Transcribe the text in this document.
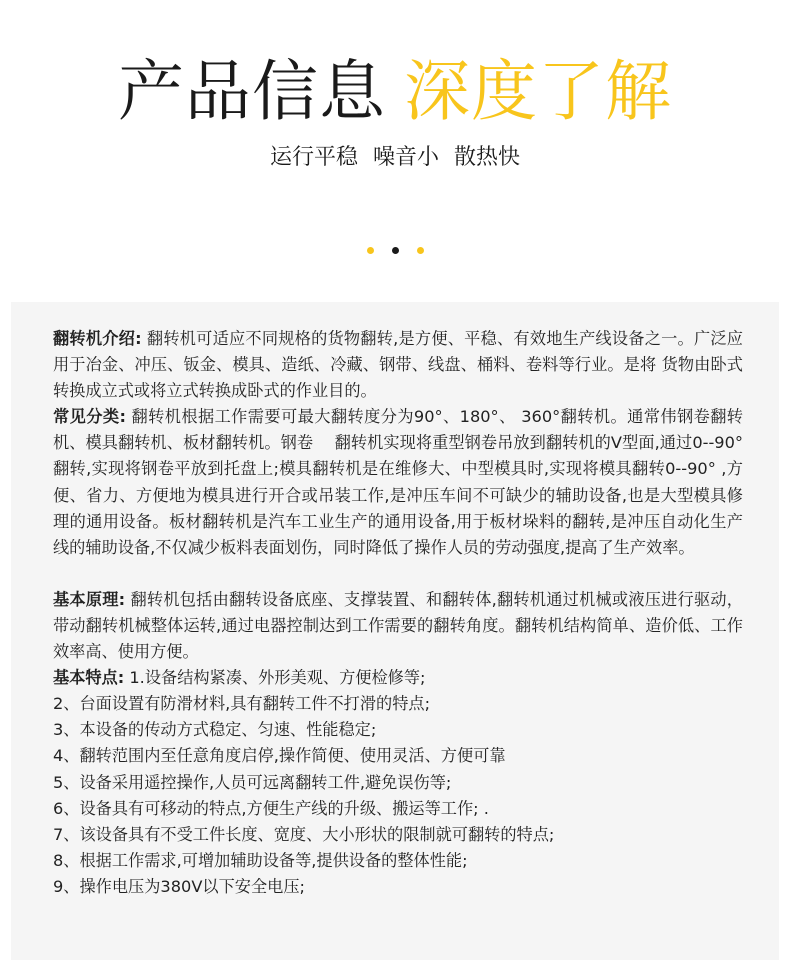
产品信息 深度了解
运行平稳 噪音小 散热快

翻转机介绍: 翻转机可适应不同规格的货物翻转,是方便、平稳、有效地生产线设备之一。广泛应用于冶金、冲压、钣金、模具、造纸、冷藏、钢带、线盘、桶料、卷料等行业。是将 货物由卧式转换成立式或将立式转换成卧式的作业目的。

常见分类: 翻转机根据工作需要可最大翻转度分为90°、180°、 360°翻转机。通常伟钢卷翻转机、模具翻转机、板材翻转机。钢卷　 翻转机实现将重型钢卷吊放到翻转机的V型面,通过0--90°翻转,实现将钢卷平放到托盘上;模具翻转机是在维修大、中型模具时,实现将模具翻转0--90° ,方便、省力、方便地为模具进行开合或吊装工作,是冲压车间不可缺少的辅助设备,也是大型模具修理的通用设备。板材翻转机是汽车工业生产的通用设备,用于板材垛料的翻转,是冲压自动化生产线的辅助设备,不仅减少板料表面划伤，同时降低了操作人员的劳动强度,提高了生产效率。

基本原理: 翻转机包括由翻转设备底座、支撑装置、和翻转体,翻转机通过机械或液压进行驱动，带动翻转机械整体运转,通过电器控制达到工作需要的翻转角度。翻转机结构简单、造价低、工作效率高、使用方便。

基本特点: 1.设备结构紧凑、外形美观、方便检修等;

2、台面设置有防滑材料,具有翻转工件不打滑的特点;
3、本设备的传动方式稳定、匀速、性能稳定;
4、翻转范围内至任意角度启停,操作简便、使用灵活、方便可靠
5、设备采用遥控操作,人员可远离翻转工件,避免误伤等;
6、设备具有可移动的特点,方便生产线的升级、搬运等工作; .
7、该设备具有不受工件长度、宽度、大小形状的限制就可翻转的特点;
8、根据工作需求,可增加辅助设备等,提供设备的整体性能;
9、操作电压为380V以下安全电压;
